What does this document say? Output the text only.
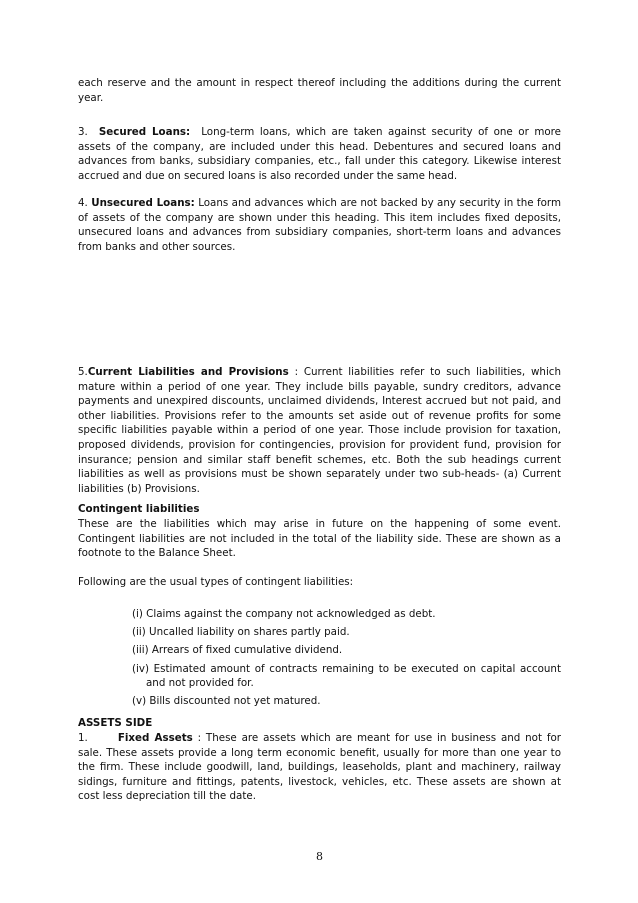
each reserve and the amount in respect thereof including the additions during the current year.

3. Secured Loans: Long-term loans, which are taken against security of one or more assets of the company, are included under this head. Debentures and secured loans and advances from banks, subsidiary companies, etc., fall under this category. Likewise interest accrued and due on secured loans is also recorded under the same head.

4. Unsecured Loans: Loans and advances which are not backed by any security in the form of assets of the company are shown under this heading. This item includes fixed deposits, unsecured loans and advances from subsidiary companies, short-term loans and advances from banks and other sources.

5.Current Liabilities and Provisions : Current liabilities refer to such liabilities, which mature within a period of one year. They include bills payable, sundry creditors, advance payments and unexpired discounts, unclaimed dividends, Interest accrued but not paid, and other liabilities. Provisions refer to the amounts set aside out of revenue profits for some specific liabilities payable within a period of one year. Those include provision for taxation, proposed dividends, provision for contingencies, provision for provident fund, provision for insurance; pension and similar staff benefit schemes, etc. Both the sub headings current liabilities as well as provisions must be shown separately under two sub-heads- (a) Current liabilities (b) Provisions.

Contingent liabilities

These are the liabilities which may arise in future on the happening of some event. Contingent liabilities are not included in the total of the liability side. These are shown as a footnote to the Balance Sheet.

Following are the usual types of contingent liabilities:

(i) Claims against the company not acknowledged as debt.

(ii) Uncalled liability on shares partly paid.

(iii) Arrears of fixed cumulative dividend.

(iv) Estimated amount of contracts remaining to be executed on capital account and not provided for.

(v) Bills discounted not yet matured.

ASSETS SIDE

1.	Fixed Assets : These are assets which are meant for use in business and not for sale. These assets provide a long term economic benefit, usually for more than one year to the firm. These include goodwill, land, buildings, leaseholds, plant and machinery, railway sidings, furniture and fittings, patents, livestock, vehicles, etc. These assets are shown at cost less depreciation till the date.

8
